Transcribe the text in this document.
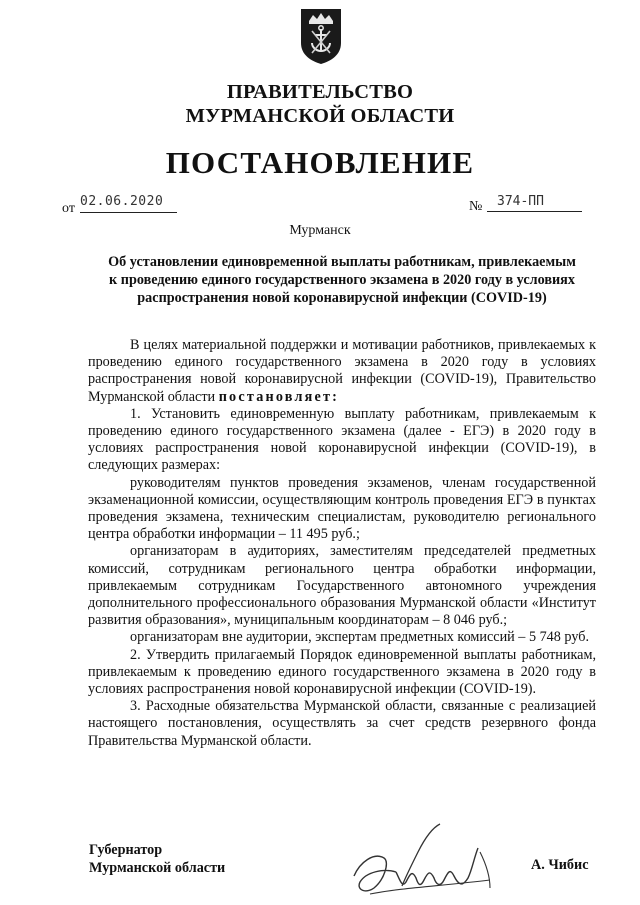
ПРАВИТЕЛЬСТВО
МУРМАНСКОЙ ОБЛАСТИ
ПОСТАНОВЛЕНИЕ
от 02.06.2020	№	374-ПП
Мурманск
Об установлении единовременной выплаты работникам, привлекаемым
к проведению единого государственного экзамена в 2020 году в условиях
распространения новой коронавирусной инфекции (COVID-19)

В целях материальной поддержки и мотивации работников, привлекаемых к проведению единого государственного экзамена в 2020 году в условиях распространения новой коронавирусной инфекции (COVID-19), Правительство Мурманской области постановляет:

1. Установить единовременную выплату работникам, привлекаемым к проведению единого государственного экзамена (далее - ЕГЭ) в 2020 году в условиях распространения новой коронавирусной инфекции (COVID-19), в следующих размерах:

руководителям пунктов проведения экзаменов, членам государственной экзаменационной комиссии, осуществляющим контроль проведения ЕГЭ в пунктах проведения экзамена, техническим специалистам, руководителю регионального центра обработки информации – 11 495 руб.;

организаторам в аудиториях, заместителям председателей предметных комиссий, сотрудникам регионального центра обработки информации, привлекаемым сотрудникам Государственного автономного учреждения дополнительного профессионального образования Мурманской области «Институт развития образования», муниципальным координаторам – 8 046 руб.;

организаторам вне аудитории, экспертам предметных комиссий – 5 748 руб.

2. Утвердить прилагаемый Порядок единовременной выплаты работникам, привлекаемым к проведению единого государственного экзамена в 2020 году в условиях распространения новой коронавирусной инфекции (COVID-19).

3. Расходные обязательства Мурманской области, связанные с реализацией настоящего постановления, осуществлять за счет средств резервного фонда Правительства Мурманской области.

Губернатор
Мурманской области	А. Чибис
